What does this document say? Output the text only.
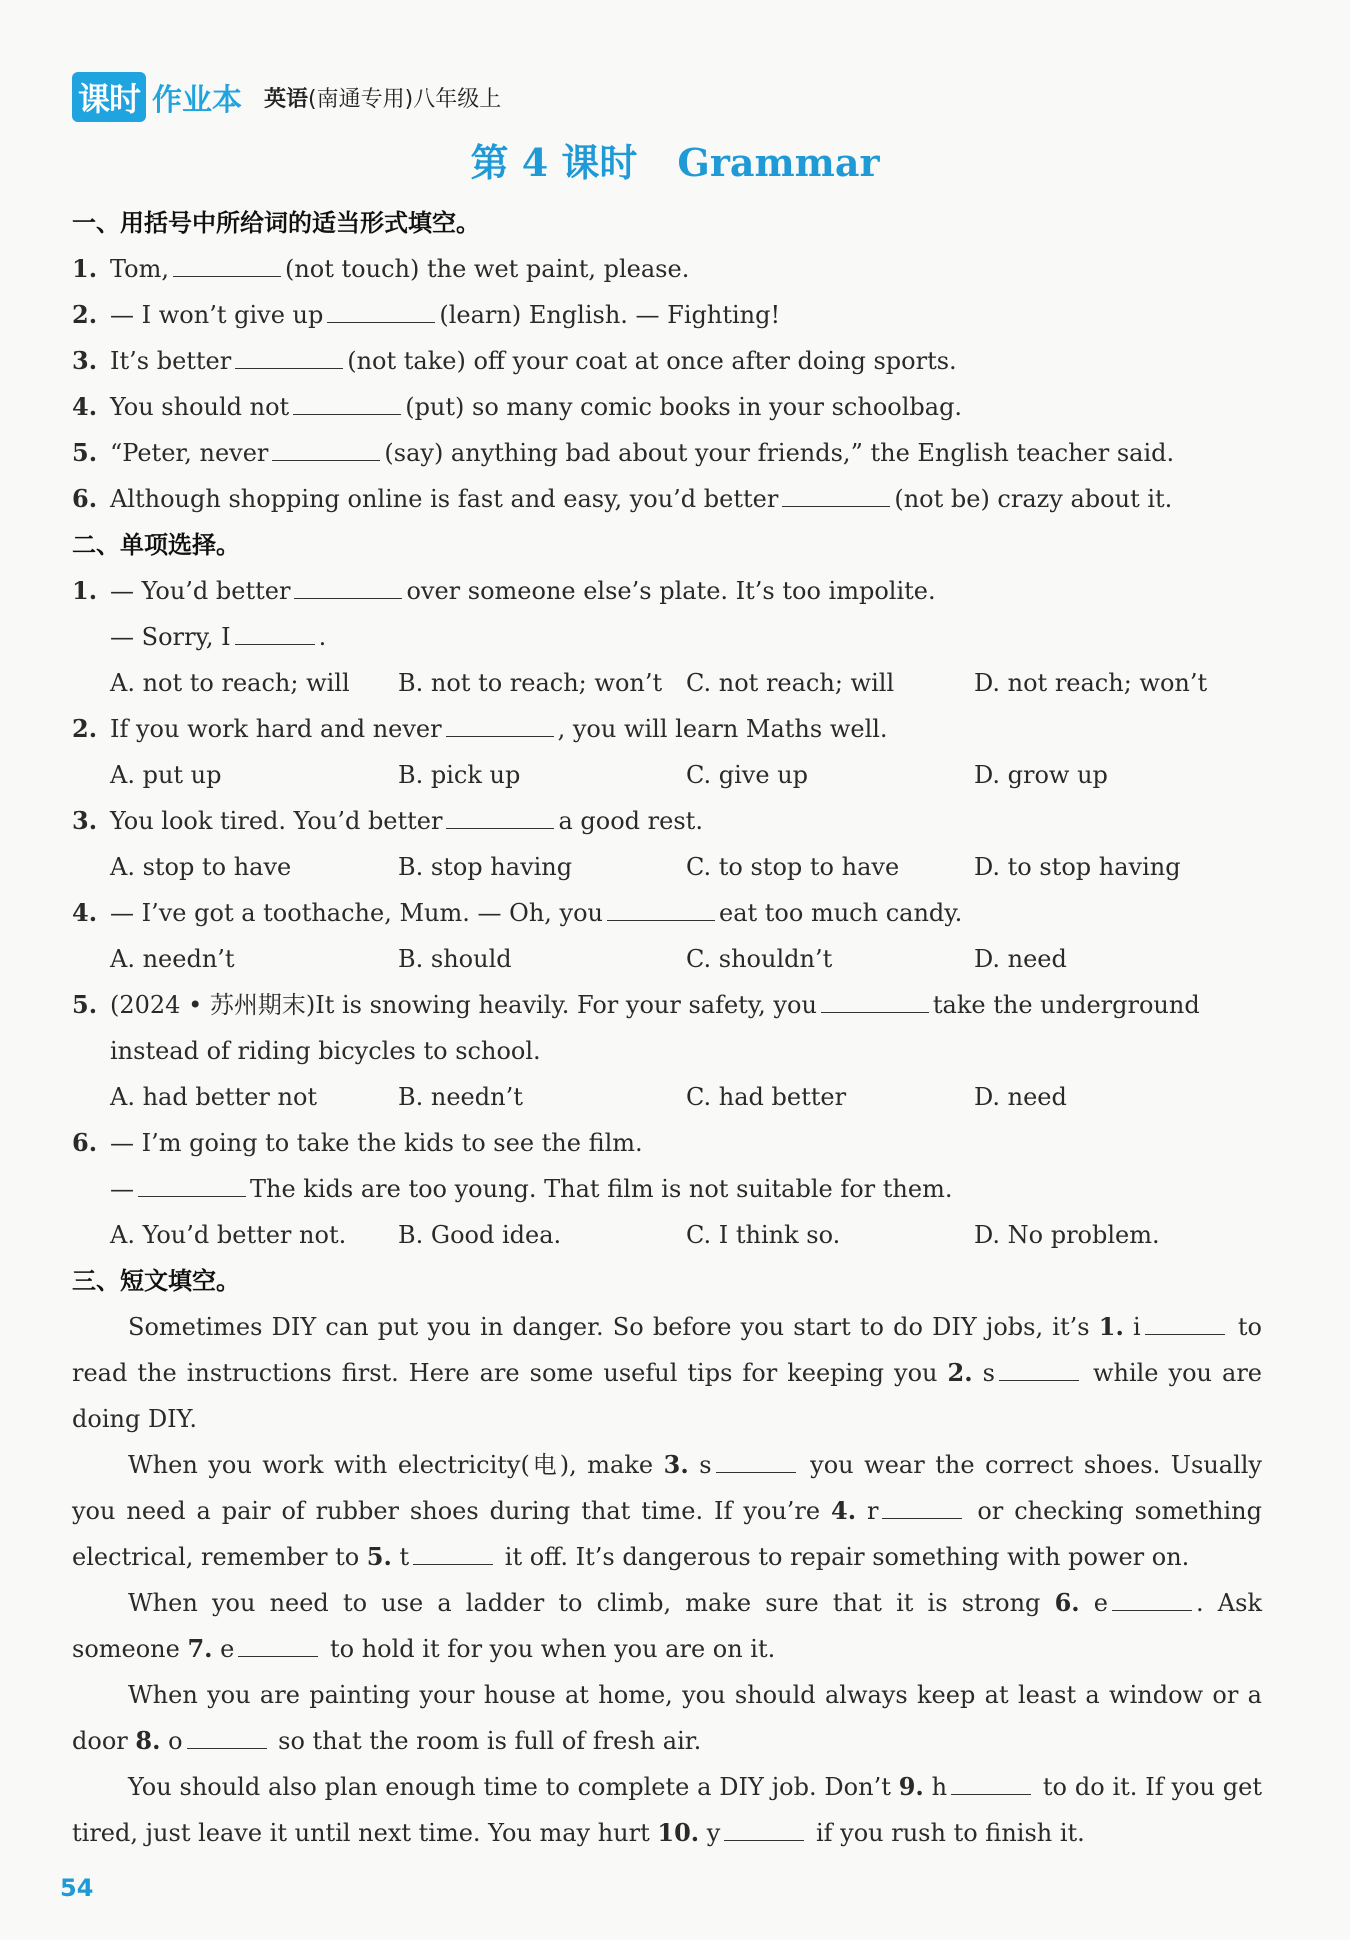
课时 作业本 英语(南通专用)八年级上
第 4 课时 Grammar
一、用括号中所给词的适当形式填空。
1. Tom,	(not touch) the wet paint, please.
2. — I won’t give up	(learn) English. — Fighting!
3. It’s better	(not take) off your coat at once after doing sports.
4. You should not	(put) so many comic books in your schoolbag.
5. “Peter, never	(say) anything bad about your friends,” the English teacher said.
6. Although shopping online is fast and easy, you’d better	(not be) crazy about it.
二、单项选择。
1. — You’d better	over someone else’s plate. It’s too impolite.
— Sorry, I	.
A. not to reach; will B. not to reach; won’t C. not reach; will	D. not reach; won’t
2. If you work hard and never	, you will learn Maths well.
A. put up	B. pick up	C. give up	D. grow up
3. You look tired. You’d better	a good rest.
A. stop to have	B. stop having	C. to stop to have	D. to stop having
4. — I’ve got a toothache, Mum. — Oh, you	eat too much candy.
A. needn’t	B. should	C. shouldn’t	D. need
5. (2024 • 苏州期末)It is snowing heavily. For your safety, you	take the underground
instead of riding bicycles to school.
A. had better not	B. needn’t	C. had better	D. need
6. — I’m going to take the kids to see the film.
—	The kids are too young. That film is not suitable for them.
A. You’d better not. B. Good idea.	C. I think so.	D. No problem.
三、短文填空。

Sometimes DIY can put you in danger. So before you start to do DIY jobs, it’s 1. i	to read the instructions first. Here are some useful tips for keeping you 2. s	while you are doing DIY.

When you work with electricity(电), make 3. s	you wear the correct shoes. Usually you need a pair of rubber shoes during that time. If you’re 4. r	or checking something electrical, remember to 5. t	it off. It’s dangerous to repair something with power on.

When you need to use a ladder to climb, make sure that it is strong 6. e	. Ask someone 7. e	to hold it for you when you are on it.

When you are painting your house at home, you should always keep at least a window or a door 8. o	so that the room is full of fresh air.

You should also plan enough time to complete a DIY job. Don’t 9. h	to do it. If you get tired, just leave it until next time. You may hurt 10. y	if you rush to finish it.

54
